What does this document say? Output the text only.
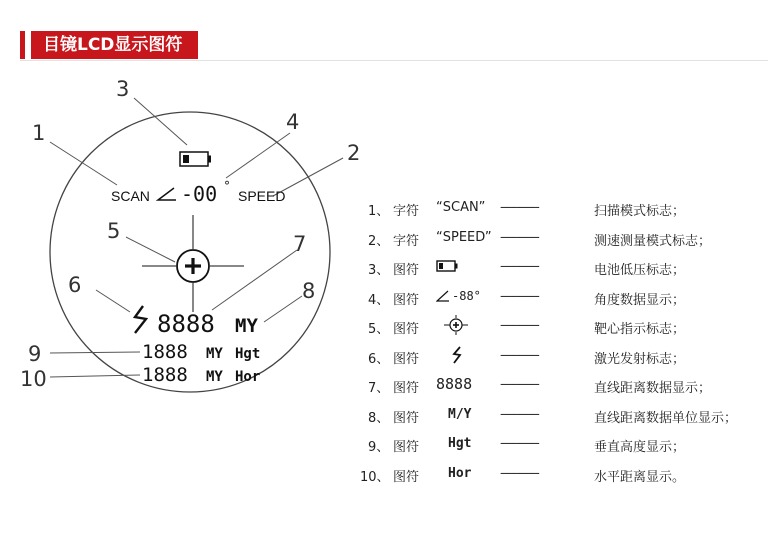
目镜LCD显示图符
1
2
3
4
5
6
7
8
9
10
SCAN -00 °
SPEED
8888 MY
1888 MY Hgt
1888 MY Hor
1、 字符 “SCAN” ------------	扫描模式标志；
2、 字符 “SPEED” ------------	测速测量模式标志；
3、 图符	------------	电池低压标志；
4、 图符	-88° ------------	角度数据显示；
5、 图符	------------	靶心指示标志；
6、 图符	------------	激光发射标志；
7、 图符 8888 ------------	直线距离数据显示；
8、 图符 M/Y ------------	直线距离数据单位显示；
9、 图符 Hgt ------------	垂直高度显示；
10、 图符 Hor ------------	水平距离显示。
